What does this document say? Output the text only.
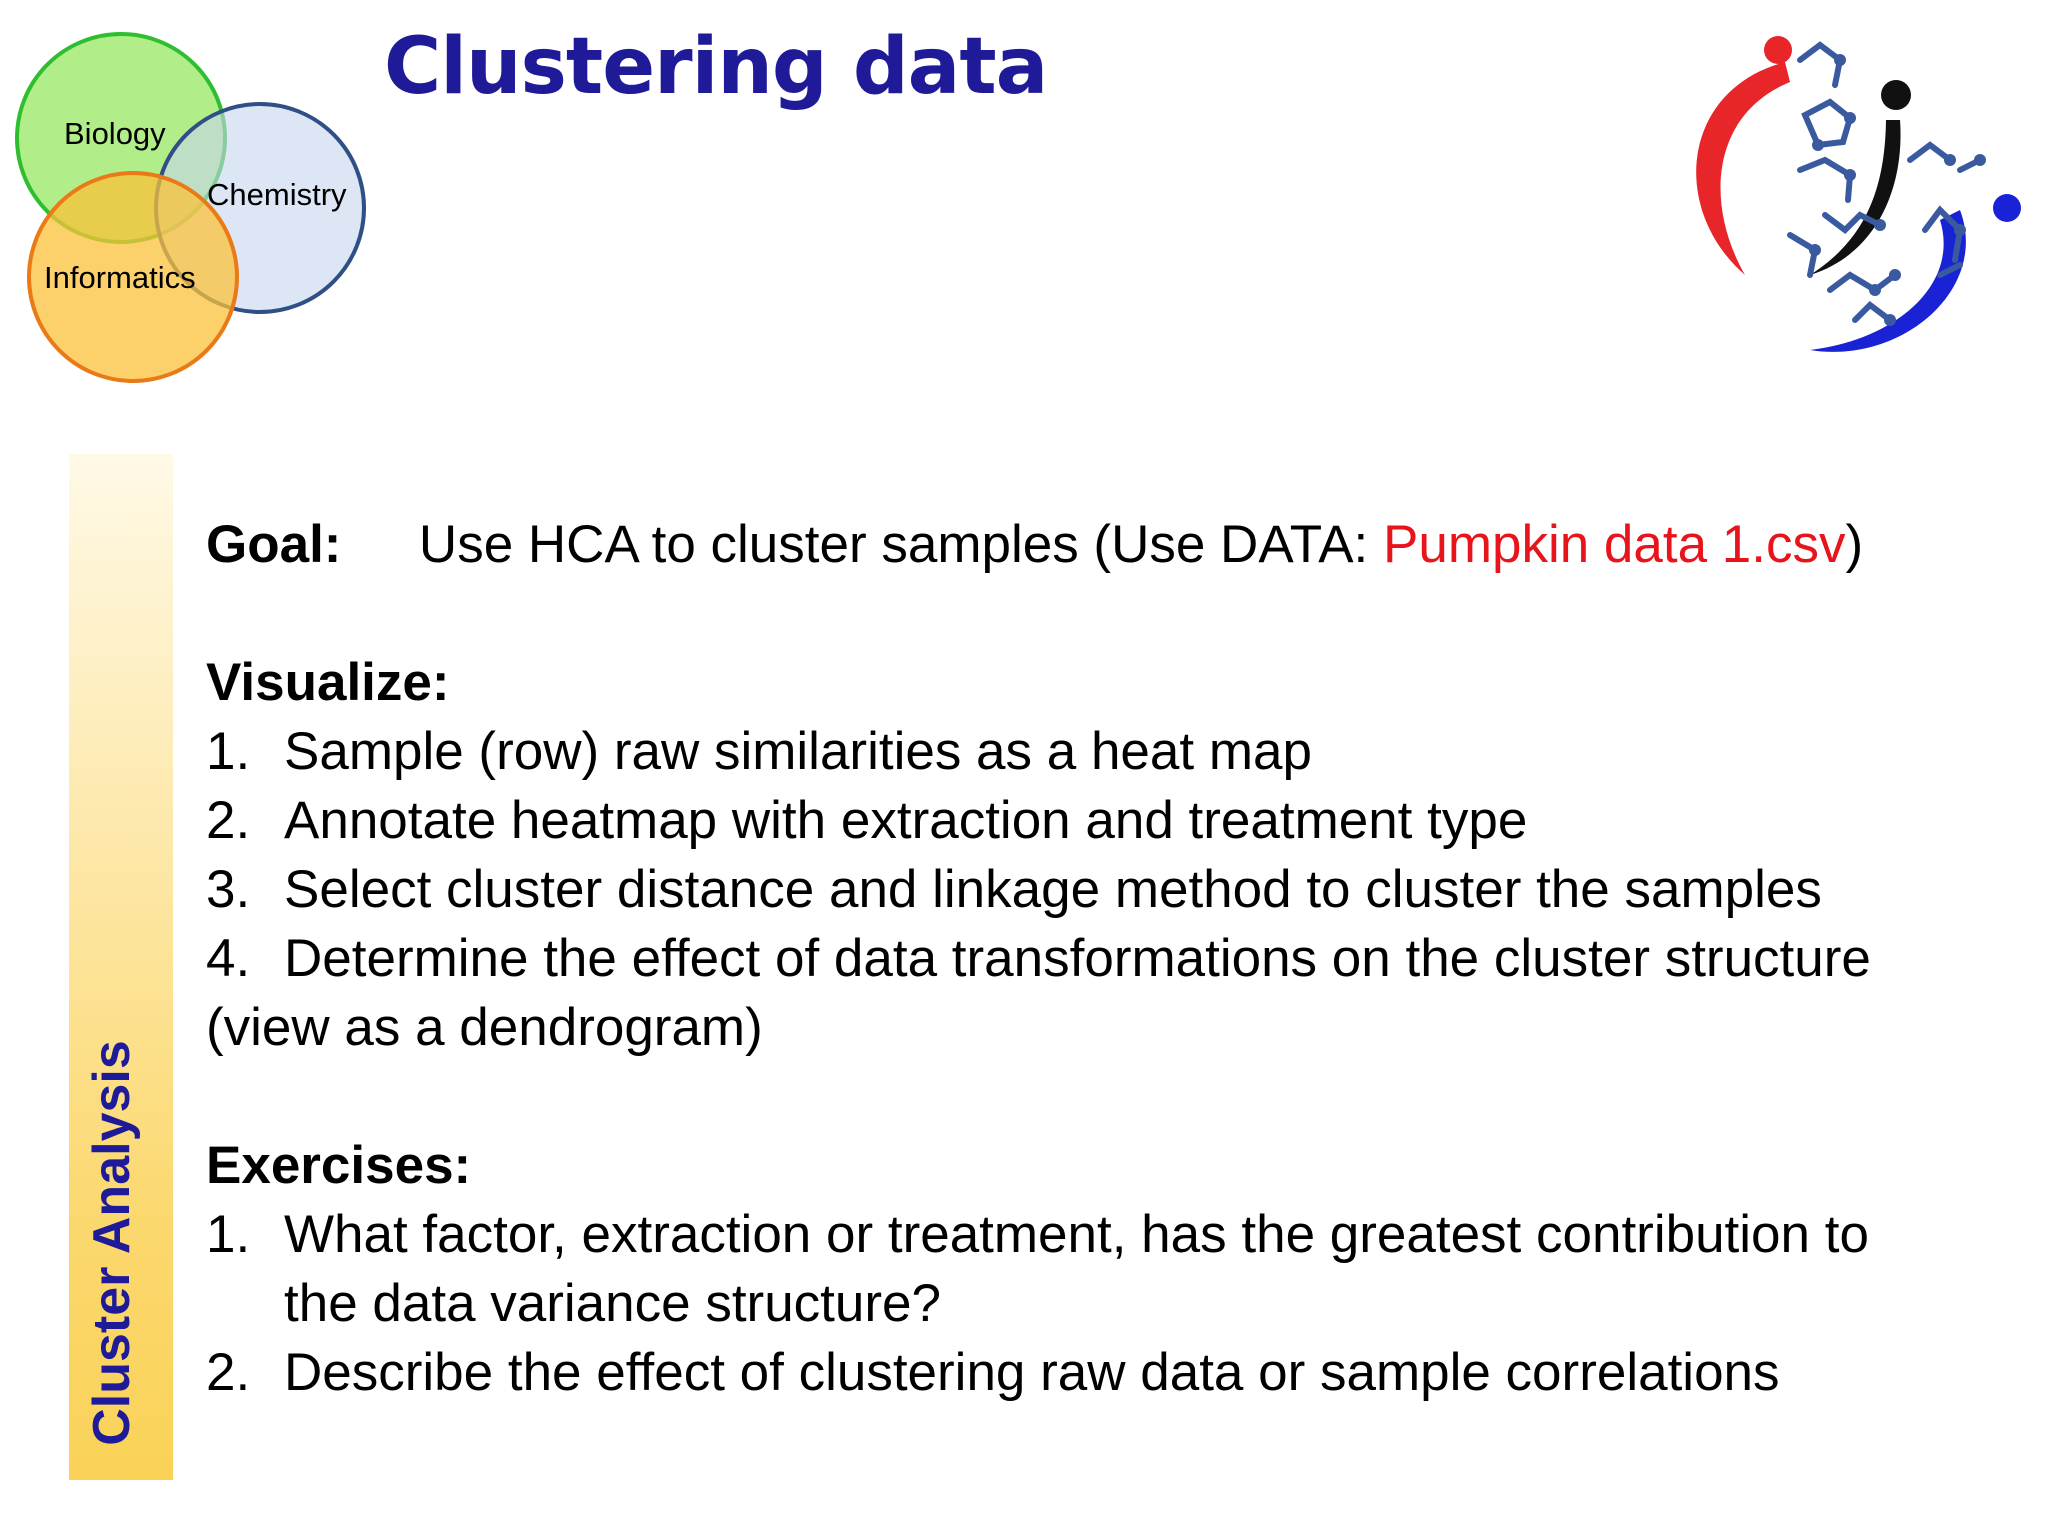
Biology
Chemistry
Informatics
Clustering data
Cluster Analysis
Goal: Use HCA to cluster samples (Use DATA: Pumpkin data 1.csv)
Visualize:
1. Sample (row) raw similarities as a heat map
2. Annotate heatmap with extraction and treatment type
3. Select cluster distance and linkage method to cluster the samples
4. Determine the effect of data transformations on the cluster structure
(view as a dendrogram)
Exercises:
1. What factor, extraction or treatment, has the greatest contribution to
the data variance structure?
2. Describe the effect of clustering raw data or sample correlations
